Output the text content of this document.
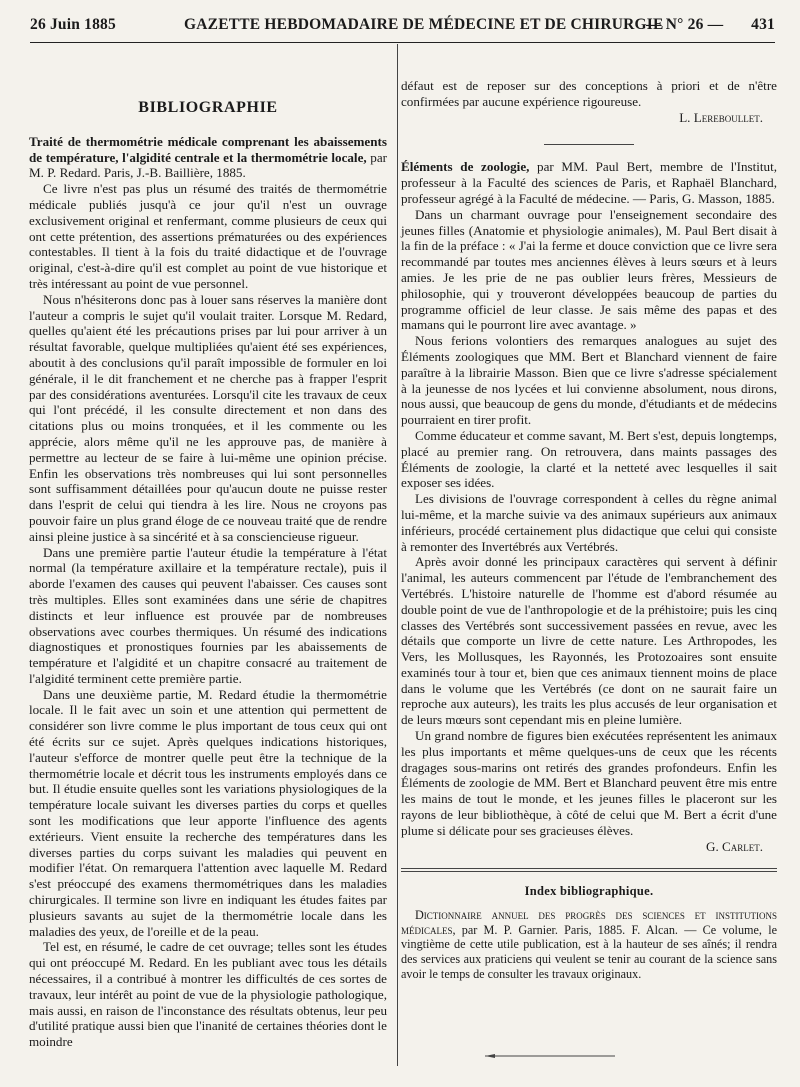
26 Juin 1885	GAZETTE HEBDOMADAIRE DE MÉDECINE ET DE CHIRURGIE
— N° 26 — 431
BIBLIOGRAPHIE

Traité de thermométrie médicale comprenant les abaissements de température, l'algidité centrale et la thermométrie locale, par M. P. Redard. Paris, J.-B. Baillière, 1885.

Ce livre n'est pas plus un résumé des traités de thermométrie médicale publiés jusqu'à ce jour qu'il n'est un ouvrage exclusivement original et renfermant, comme plusieurs de ceux qui ont cette prétention, des assertions prématurées ou des expériences contestables. Il tient à la fois du traité didactique et de l'ouvrage original, c'est-à-dire qu'il est complet au point de vue historique et très intéressant au point de vue personnel.

Nous n'hésiterons donc pas à louer sans réserves la manière dont l'auteur a compris le sujet qu'il voulait traiter. Lorsque M. Redard, quelles qu'aient été les précautions prises par lui pour arriver à un résultat favorable, quelque multipliées qu'aient été ses expériences, aboutit à des conclusions qu'il paraît impossible de formuler en loi générale, il le dit franchement et ne cherche pas à frapper l'esprit par des considérations aventurées. Lorsqu'il cite les travaux de ceux qui l'ont précédé, il les consulte directement et non dans des citations plus ou moins tronquées, et il les commente ou les apprécie, alors même qu'il ne les approuve pas, de manière à permettre au lecteur de se faire à lui-même une opinion précise. Enfin les observations très nombreuses qui lui sont personnelles sont suffisamment détaillées pour qu'aucun doute ne puisse rester dans l'esprit de celui qui tiendra à les lire. Nous ne croyons pas pouvoir faire un plus grand éloge de ce nouveau traité que de rendre ainsi pleine justice à sa sincérité et à sa consciencieuse rigueur.

Dans une première partie l'auteur étudie la température à l'état normal (la température axillaire et la température rectale), puis il aborde l'examen des causes qui peuvent l'abaisser. Ces causes sont très multiples. Elles sont examinées dans une série de chapitres distincts et leur influence est prouvée par de nombreuses observations avec courbes thermiques. Un résumé des indications diagnostiques et pronostiques fournies par les abaissements de température et l'algidité et un chapitre consacré au traitement de l'algidité terminent cette première partie.

Dans une deuxième partie, M. Redard étudie la thermométrie locale. Il le fait avec un soin et une attention qui permettent de considérer son livre comme le plus important de tous ceux qui ont été écrits sur ce sujet. Après quelques indications historiques, l'auteur s'efforce de montrer quelle peut être la technique de la thermométrie locale et décrit tous les instruments employés dans ce but. Il étudie ensuite quelles sont les variations physiologiques de la température locale suivant les diverses parties du corps et quelles sont les modifications que leur apporte l'influence des agents extérieurs. Vient ensuite la recherche des températures dans les diverses parties du corps suivant les maladies qui peuvent en modifier l'état. On remarquera l'attention avec laquelle M. Redard s'est préoccupé des examens thermométriques dans les maladies chirurgicales. Il termine son livre en indiquant les études faites par plusieurs savants au sujet de la thermométrie locale dans les maladies des yeux, de l'oreille et de la peau.

Tel est, en résumé, le cadre de cet ouvrage; telles sont les études qui ont préoccupé M. Redard. En les publiant avec tous les détails nécessaires, il a contribué à montrer les difficultés de ces sortes de travaux, leur intérêt au point de vue de la physiologie pathologique, mais aussi, en raison de l'inconstance des résultats obtenus, leur peu d'utilité pratique aussi bien que l'inanité de certaines théories dont le moindre

défaut est de reposer sur des conceptions à priori et de n'être confirmées par aucune expérience rigoureuse.

L. Lereboullet.

Éléments de zoologie, par MM. Paul Bert, membre de l'Institut, professeur à la Faculté des sciences de Paris, et Raphaël Blanchard, professeur agrégé à la Faculté de médecine. — Paris, G. Masson, 1885.

Dans un charmant ouvrage pour l'enseignement secondaire des jeunes filles (Anatomie et physiologie animales), M. Paul Bert disait à la fin de la préface : « J'ai la ferme et douce conviction que ce livre sera recommandé par toutes mes anciennes élèves à leurs sœurs et à leurs amies. Je les prie de ne pas oublier leurs frères, Messieurs de philosophie, qui y trouveront développées beaucoup de parties du programme officiel de leur classe. Je sais même des papas et des mamans qui le pourront lire avec avantage. »

Nous ferions volontiers des remarques analogues au sujet des Éléments zoologiques que MM. Bert et Blanchard viennent de faire paraître à la librairie Masson. Bien que ce livre s'adresse spécialement à la jeunesse de nos lycées et lui convienne absolument, nous dirons, nous aussi, que beaucoup de gens du monde, d'étudiants et de médecins pourraient en tirer profit.

Comme éducateur et comme savant, M. Bert s'est, depuis longtemps, placé au premier rang. On retrouvera, dans maints passages des Éléments de zoologie, la clarté et la netteté avec lesquelles il sait exposer ses idées.

Les divisions de l'ouvrage correspondent à celles du règne animal lui-même, et la marche suivie va des animaux supérieurs aux animaux inférieurs, procédé certainement plus didactique que celui qui consiste à remonter des Invertébrés aux Vertébrés.

Après avoir donné les principaux caractères qui servent à définir l'animal, les auteurs commencent par l'étude de l'embranchement des Vertébrés. L'histoire naturelle de l'homme est d'abord résumée au double point de vue de l'anthropologie et de la préhistoire; puis les cinq classes des Vertébrés sont successivement passées en revue, avec les détails que comporte un livre de cette nature. Les Arthropodes, les Vers, les Mollusques, les Rayonnés, les Protozoaires sont ensuite examinés tour à tour et, bien que ces animaux tiennent moins de place dans le volume que les Vertébrés (ce dont on ne saurait faire un reproche aux auteurs), les traits les plus accusés de leur organisation et de leurs mœurs sont cependant mis en pleine lumière.

Un grand nombre de figures bien exécutées représentent les animaux les plus importants et même quelques-uns de ceux que les récents dragages sous-marins ont retirés des grandes profondeurs. Enfin les Éléments de zoologie de MM. Bert et Blanchard peuvent être mis entre les mains de tout le monde, et les jeunes filles le placeront sur les rayons de leur bibliothèque, à côté de celui que M. Bert a écrit d'une plume si délicate pour ses gracieuses élèves.

G. Carlet.

Index bibliographique.

Dictionnaire annuel des progrès des sciences et institutions médicales, par M. P. Garnier. Paris, 1885. F. Alcan. — Ce volume, le vingtième de cette utile publication, est à la hauteur de ses aînés; il rendra des services aux praticiens qui veulent se tenir au courant de la science sans avoir le temps de consulter les travaux originaux.
